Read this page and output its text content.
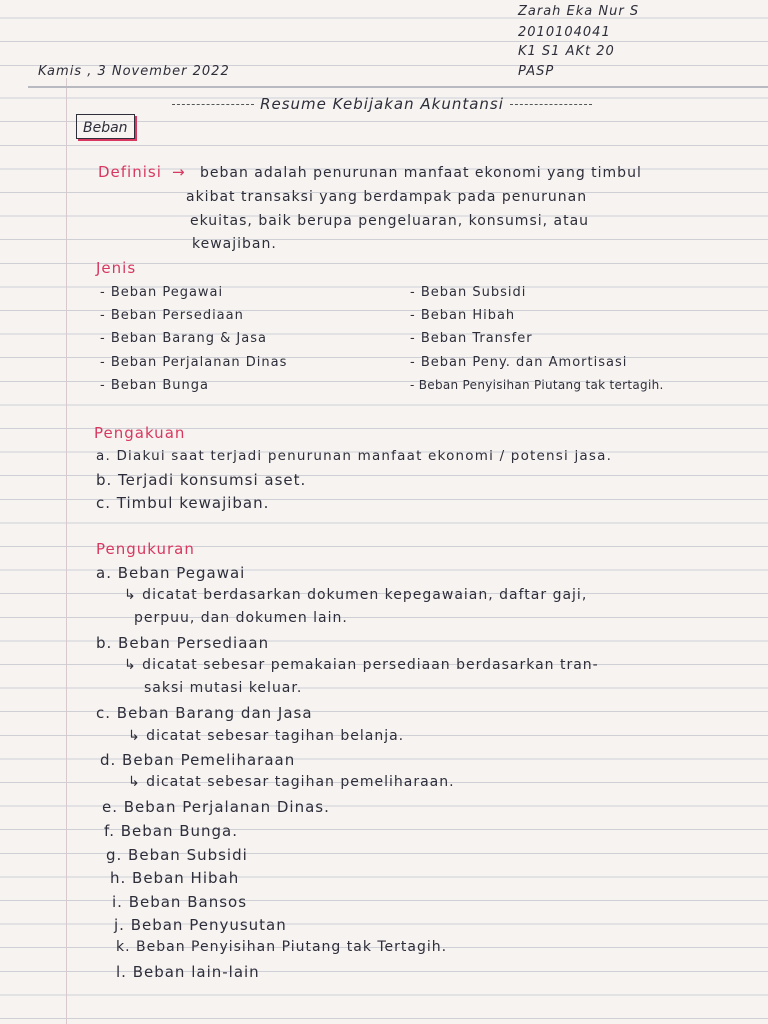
Kamis , 3 November 2022
Zarah Eka Nur S
2010104041
K1 S1 AKt 20
PASP
Resume Kebijakan Akuntansi
Beban
Definisi → beban adalah penurunan manfaat ekonomi yang timbul
akibat transaksi yang berdampak pada penurunan
ekuitas, baik berupa pengeluaran, konsumsi, atau
kewajiban.
Jenis
- Beban Pegawai
- Beban Persediaan
- Beban Barang & Jasa
- Beban Perjalanan Dinas
- Beban Bunga
- Beban Subsidi
- Beban Hibah
- Beban Transfer
- Beban Peny. dan Amortisasi
- Beban Penyisihan Piutang tak tertagih.
Pengakuan
a. Diakui saat terjadi penurunan manfaat ekonomi / potensi jasa.
b. Terjadi konsumsi aset.
c. Timbul kewajiban.
Pengukuran
a. Beban Pegawai
↳ dicatat berdasarkan dokumen kepegawaian, daftar gaji,
perpuu, dan dokumen lain.
b. Beban Persediaan
↳ dicatat sebesar pemakaian persediaan berdasarkan tran-
saksi mutasi keluar.
c. Beban Barang dan Jasa
↳ dicatat sebesar tagihan belanja.
d. Beban Pemeliharaan
↳ dicatat sebesar tagihan pemeliharaan.
e. Beban Perjalanan Dinas.
f. Beban Bunga.
g. Beban Subsidi
h. Beban Hibah
i. Beban Bansos
j. Beban Penyusutan
k. Beban Penyisihan Piutang tak Tertagih.
l. Beban lain-lain
